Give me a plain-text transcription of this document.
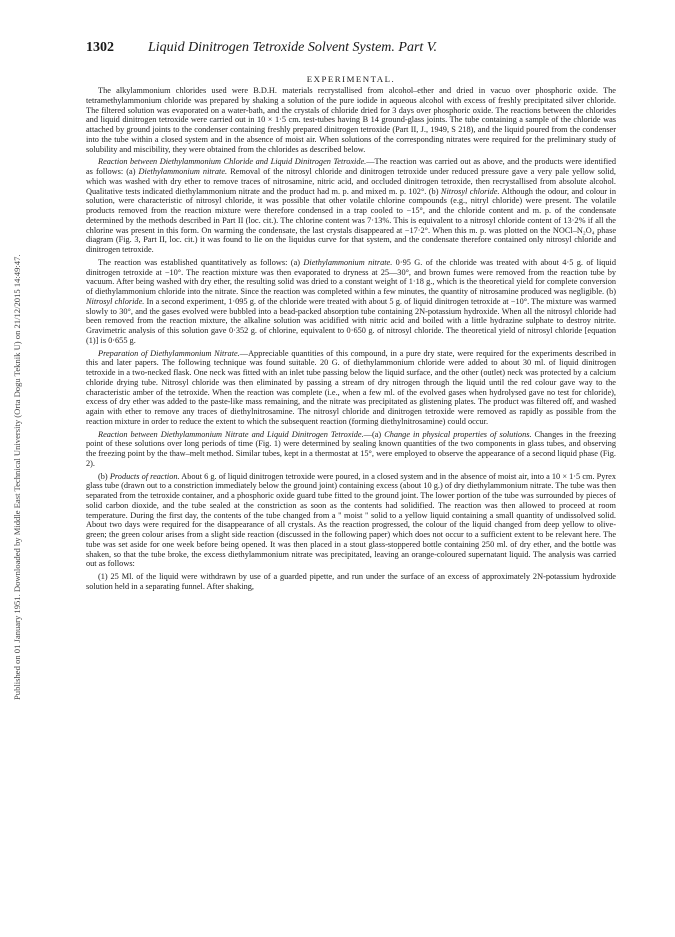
Published on 01 January 1951. Downloaded by Middle East Technical University (Orta Dogu Teknik U) on 21/12/2015 14:49:47.
1302 Liquid Dinitrogen Tetroxide Solvent System. Part V.
EXPERIMENTAL.

The alkylammonium chlorides used were B.D.H. materials recrystallised from alcohol–ether and dried in vacuo over phosphoric oxide. The tetramethylammonium chloride was prepared by shaking a solution of the pure iodide in aqueous alcohol with excess of freshly precipitated silver chloride. The filtered solution was evaporated on a water-bath, and the crystals of chloride dried for 3 days over phosphoric oxide. The reactions between the chlorides and liquid dinitrogen tetroxide were carried out in 10 × 1·5 cm. test-tubes having B 14 ground-glass joints. The tube containing a sample of the chloride was attached by ground joints to the condenser containing freshly prepared dinitrogen tetroxide (Part II, J., 1949, S 218), and the liquid poured from the condenser into the tube within a closed system and in the absence of moist air. When solutions of the corresponding nitrates were required for the preliminary study of solubility and miscibility, they were obtained from the chlorides as described below.

Reaction between Diethylammonium Chloride and Liquid Dinitrogen Tetroxide.—The reaction was carried out as above, and the products were identified as follows: (a) Diethylammonium nitrate. Removal of the nitrosyl chloride and dinitrogen tetroxide under reduced pressure gave a very pale yellow solid, which was washed with dry ether to remove traces of nitrosamine, nitric acid, and occluded dinitrogen tetroxide, then recrystallised from absolute alcohol. Qualitative tests indicated diethylammonium nitrate and the product had m. p. and mixed m. p. 102°. (b) Nitrosyl chloride. Although the odour, and colour in solution, were characteristic of nitrosyl chloride, it was possible that other volatile chlorine compounds (e.g., nitryl chloride) were present. The volatile products removed from the reaction mixture were therefore condensed in a trap cooled to −15°, and the chloride content and m. p. of the condensate determined by the methods described in Part II (loc. cit.). The chlorine content was 7·13%. This is equivalent to a nitrosyl chloride content of 13·2% if all the chlorine was present in this form. On warming the condensate, the last crystals disappeared at −17·2°. When this m. p. was plotted on the NOCl–N₂O₄ phase diagram (Fig. 3, Part II, loc. cit.) it was found to lie on the liquidus curve for that system, and the condensate therefore contained only nitrosyl chloride and dinitrogen tetroxide.

The reaction was established quantitatively as follows: (a) Diethylammonium nitrate. 0·95 G. of the chloride was treated with about 4·5 g. of liquid dinitrogen tetroxide at −10°. The reaction mixture was then evaporated to dryness at 25—30°, and brown fumes were removed from the reaction tube by vacuum. After being washed with dry ether, the resulting solid was dried to a constant weight of 1·18 g., which is the theoretical yield for complete conversion of diethylammonium chloride into the nitrate. Since the reaction was completed within a few minutes, the quantity of nitrosamine produced was negligible. (b) Nitrosyl chloride. In a second experiment, 1·095 g. of the chloride were treated with about 5 g. of liquid dinitrogen tetroxide at −10°. The mixture was warmed slowly to 30°, and the gases evolved were bubbled into a bead-packed absorption tube containing 2N-potassium hydroxide. When all the nitrosyl chloride had been removed from the reaction mixture, the alkaline solution was acidified with nitric acid and boiled with a little hydrazine sulphate to destroy nitrite. Gravimetric analysis of this solution gave 0·352 g. of chlorine, equivalent to 0·650 g. of nitrosyl chloride. The theoretical yield of nitrosyl chloride [equation (1)] is 0·655 g.

Preparation of Diethylammonium Nitrate.—Appreciable quantities of this compound, in a pure dry state, were required for the experiments described in this and later papers. The following technique was found suitable. 20 G. of diethylammonium chloride were added to about 30 ml. of liquid dinitrogen tetroxide in a two-necked flask. One neck was fitted with an inlet tube passing below the liquid surface, and the other (outlet) neck was protected by a calcium chloride drying tube. Nitrosyl chloride was then eliminated by passing a stream of dry nitrogen through the liquid until the red colour gave way to the characteristic amber of the tetroxide. When the reaction was complete (i.e., when a few ml. of the evolved gases when hydrolysed gave no test for chloride), excess of dry ether was added to the paste-like mass remaining, and the nitrate was precipitated as glistening plates. The product was filtered off, and washed again with ether to remove any traces of diethylnitrosamine. The nitrosyl chloride and dinitrogen tetroxide were removed as rapidly as possible from the reaction mixture in order to reduce the extent to which the subsequent reaction (forming diethylnitrosamine) could occur.

Reaction between Diethylammonium Nitrate and Liquid Dinitrogen Tetroxide.—(a) Change in physical properties of solutions. Changes in the freezing point of these solutions over long periods of time (Fig. 1) were determined by sealing known quantities of the two components in glass tubes, and observing the freezing point by the thaw–melt method. Similar tubes, kept in a thermostat at 15°, were employed to observe the appearance of a second liquid phase (Fig. 2).

(b) Products of reaction. About 6 g. of liquid dinitrogen tetroxide were poured, in a closed system and in the absence of moist air, into a 10 × 1·5 cm. Pyrex glass tube (drawn out to a constriction immediately below the ground joint) containing excess (about 10 g.) of dry diethylammonium nitrate. The tube was then separated from the tetroxide container, and a phosphoric oxide guard tube fitted to the ground joint. The lower portion of the tube was surrounded by pieces of solid carbon dioxide, and the tube sealed at the constriction as soon as the contents had solidified. The reaction was then allowed to proceed at room temperature. During the first day, the contents of the tube changed from a " moist " solid to a yellow liquid containing a small quantity of undissolved solid. About two days were required for the disappearance of all crystals. As the reaction progressed, the colour of the liquid changed from deep yellow to olive-green; the green colour arises from a slight side reaction (discussed in the following paper) which does not occur to a sufficient extent to be relevant here. The tube was set aside for one week before being opened. It was then placed in a stout glass-stoppered bottle containing 250 ml. of dry ether, and the bottle was shaken, so that the tube broke, the excess diethylammonium nitrate was precipitated, leaving an orange-coloured supernatant liquid. The analysis was carried out as follows:

(1) 25 Ml. of the liquid were withdrawn by use of a guarded pipette, and run under the surface of an excess of approximately 2N-potassium hydroxide solution held in a separating funnel. After shaking,
